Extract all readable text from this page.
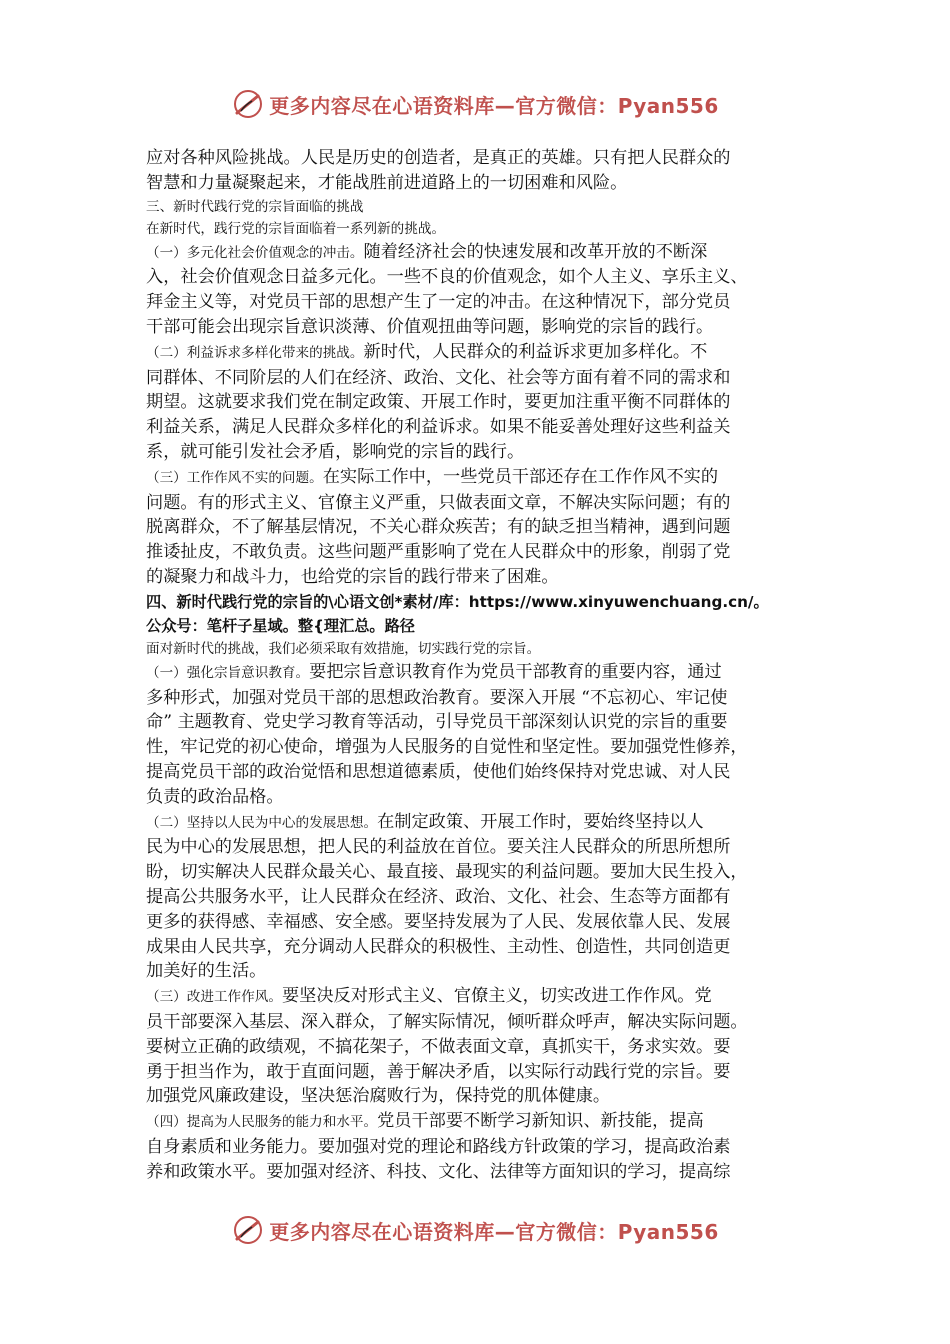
更多内容尽在心语资料库—官方微信：Pyan556

应对各种风险挑战。人民是历史的创造者，是真正的英雄。只有把人民群众的

智慧和力量凝聚起来，才能战胜前进道路上的一切困难和风险。

三、新时代践行党的宗旨面临的挑战

在新时代，践行党的宗旨面临着一系列新的挑战。

（一）多元化社会价值观念的冲击。随着经济社会的快速发展和改革开放的不断深

入，社会价值观念日益多元化。一些不良的价值观念，如个人主义、享乐主义、

拜金主义等，对党员干部的思想产生了一定的冲击。在这种情况下，部分党员

干部可能会出现宗旨意识淡薄、价值观扭曲等问题，影响党的宗旨的践行。

（二）利益诉求多样化带来的挑战。新时代，人民群众的利益诉求更加多样化。不

同群体、不同阶层的人们在经济、政治、文化、社会等方面有着不同的需求和

期望。这就要求我们党在制定政策、开展工作时，要更加注重平衡不同群体的

利益关系，满足人民群众多样化的利益诉求。如果不能妥善处理好这些利益关

系，就可能引发社会矛盾，影响党的宗旨的践行。

（三）工作作风不实的问题。在实际工作中，一些党员干部还存在工作作风不实的

问题。有的形式主义、官僚主义严重，只做表面文章，不解决实际问题；有的

脱离群众，不了解基层情况，不关心群众疾苦；有的缺乏担当精神，遇到问题

推诿扯皮，不敢负责。这些问题严重影响了党在人民群众中的形象，削弱了党

的凝聚力和战斗力，也给党的宗旨的践行带来了困难。

四、新时代践行党的宗旨的\心语文创*素材/库：https://www.xinyuwenchuang.cn/。

公众号：笔杆子星域。整{理汇总。路径

面对新时代的挑战，我们必须采取有效措施，切实践行党的宗旨。

（一）强化宗旨意识教育。要把宗旨意识教育作为党员干部教育的重要内容，通过

多种形式，加强对党员干部的思想政治教育。要深入开展 “不忘初心、牢记使

命” 主题教育、党史学习教育等活动，引导党员干部深刻认识党的宗旨的重要

性，牢记党的初心使命，增强为人民服务的自觉性和坚定性。要加强党性修养，

提高党员干部的政治觉悟和思想道德素质，使他们始终保持对党忠诚、对人民

负责的政治品格。

（二）坚持以人民为中心的发展思想。在制定政策、开展工作时，要始终坚持以人

民为中心的发展思想，把人民的利益放在首位。要关注人民群众的所思所想所

盼，切实解决人民群众最关心、最直接、最现实的利益问题。要加大民生投入，

提高公共服务水平，让人民群众在经济、政治、文化、社会、生态等方面都有

更多的获得感、幸福感、安全感。要坚持发展为了人民、发展依靠人民、发展

成果由人民共享，充分调动人民群众的积极性、主动性、创造性，共同创造更

加美好的生活。

（三）改进工作作风。要坚决反对形式主义、官僚主义，切实改进工作作风。党

员干部要深入基层、深入群众，了解实际情况，倾听群众呼声，解决实际问题。

要树立正确的政绩观，不搞花架子，不做表面文章，真抓实干，务求实效。要

勇于担当作为，敢于直面问题，善于解决矛盾，以实际行动践行党的宗旨。要

加强党风廉政建设，坚决惩治腐败行为，保持党的肌体健康。

（四）提高为人民服务的能力和水平。党员干部要不断学习新知识、新技能，提高

自身素质和业务能力。要加强对党的理论和路线方针政策的学习，提高政治素

养和政策水平。要加强对经济、科技、文化、法律等方面知识的学习，提高综

更多内容尽在心语资料库—官方微信：Pyan556
